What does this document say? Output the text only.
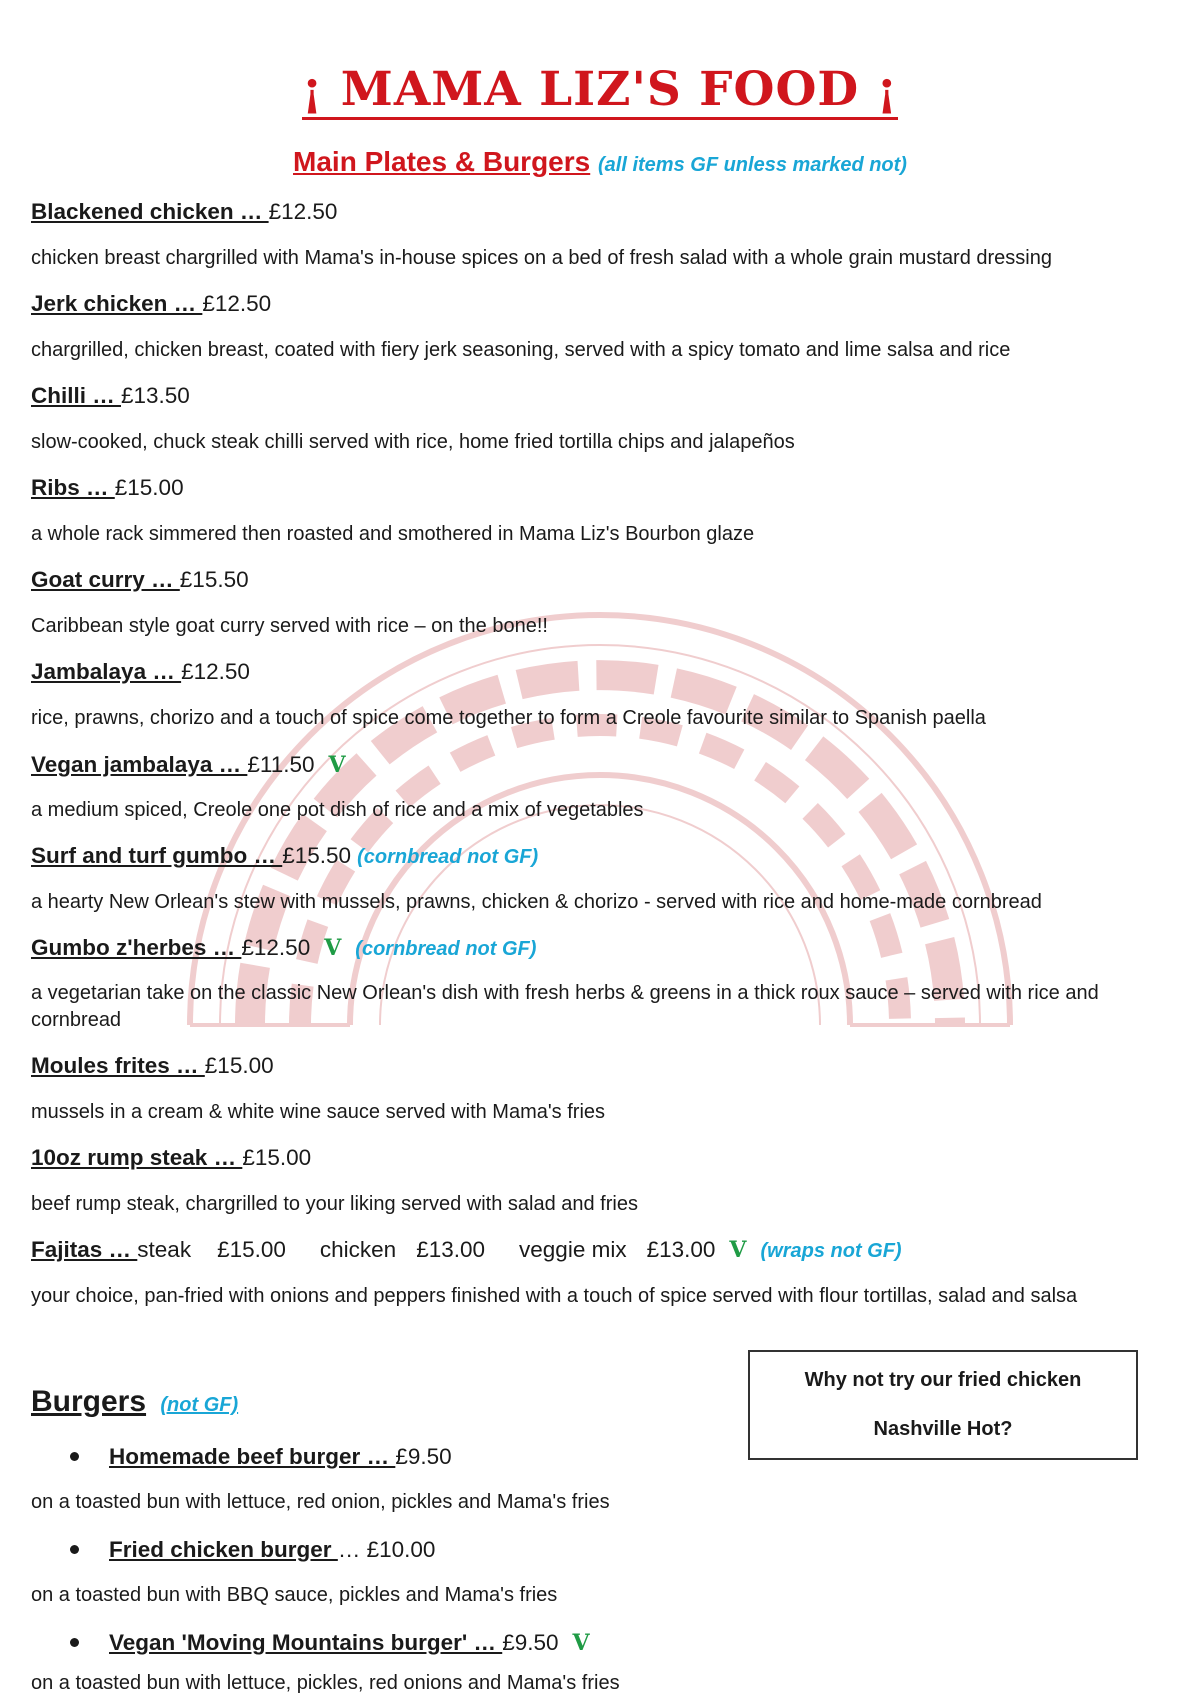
¡ MAMA LIZ'S FOOD ¡
Main Plates & Burgers (all items GF unless marked not)
Blackened chicken … £12.50
chicken breast chargrilled with Mama's in-house spices on a bed of fresh salad with a whole grain mustard dressing
Jerk chicken … £12.50
chargrilled, chicken breast, coated with fiery jerk seasoning, served with a spicy tomato and lime salsa and rice
Chilli … £13.50
slow-cooked, chuck steak chilli served with rice, home fried tortilla chips and jalapeños
Ribs … £15.00
a whole rack simmered then roasted and smothered in Mama Liz's Bourbon glaze
Goat curry … £15.50
Caribbean style goat curry served with rice – on the bone!!
Jambalaya … £12.50
rice, prawns, chorizo and a touch of spice come together to form a Creole favourite similar to Spanish paella
Vegan jambalaya … £11.50 V
a medium spiced, Creole one pot dish of rice and a mix of vegetables
Surf and turf gumbo … £15.50 (cornbread not GF)
a hearty New Orlean's stew with mussels, prawns, chicken & chorizo - served with rice and home-made cornbread
Gumbo z'herbes … £12.50 V (cornbread not GF)
a vegetarian take on the classic New Orlean's dish with fresh herbs & greens in a thick roux sauce – served with rice and cornbread
Moules frites … £15.00
mussels in a cream & white wine sauce served with Mama's fries
10oz rump steak … £15.00
beef rump steak, chargrilled to your liking served with salad and fries
Fajitas … steak £15.00 chicken £13.00 veggie mix £13.00 V (wraps not GF)
your choice, pan-fried with onions and peppers finished with a touch of spice served with flour tortillas, salad and salsa
Burgers (not GF)
Why not try our fried chicken
Nashville Hot?
Homemade beef burger … £9.50
on a toasted bun with lettuce, red onion, pickles and Mama's fries
Fried chicken burger … £10.00
on a toasted bun with BBQ sauce, pickles and Mama's fries
Vegan 'Moving Mountains burger' … £9.50 V
on a toasted bun with lettuce, pickles, red onions and Mama's fries
